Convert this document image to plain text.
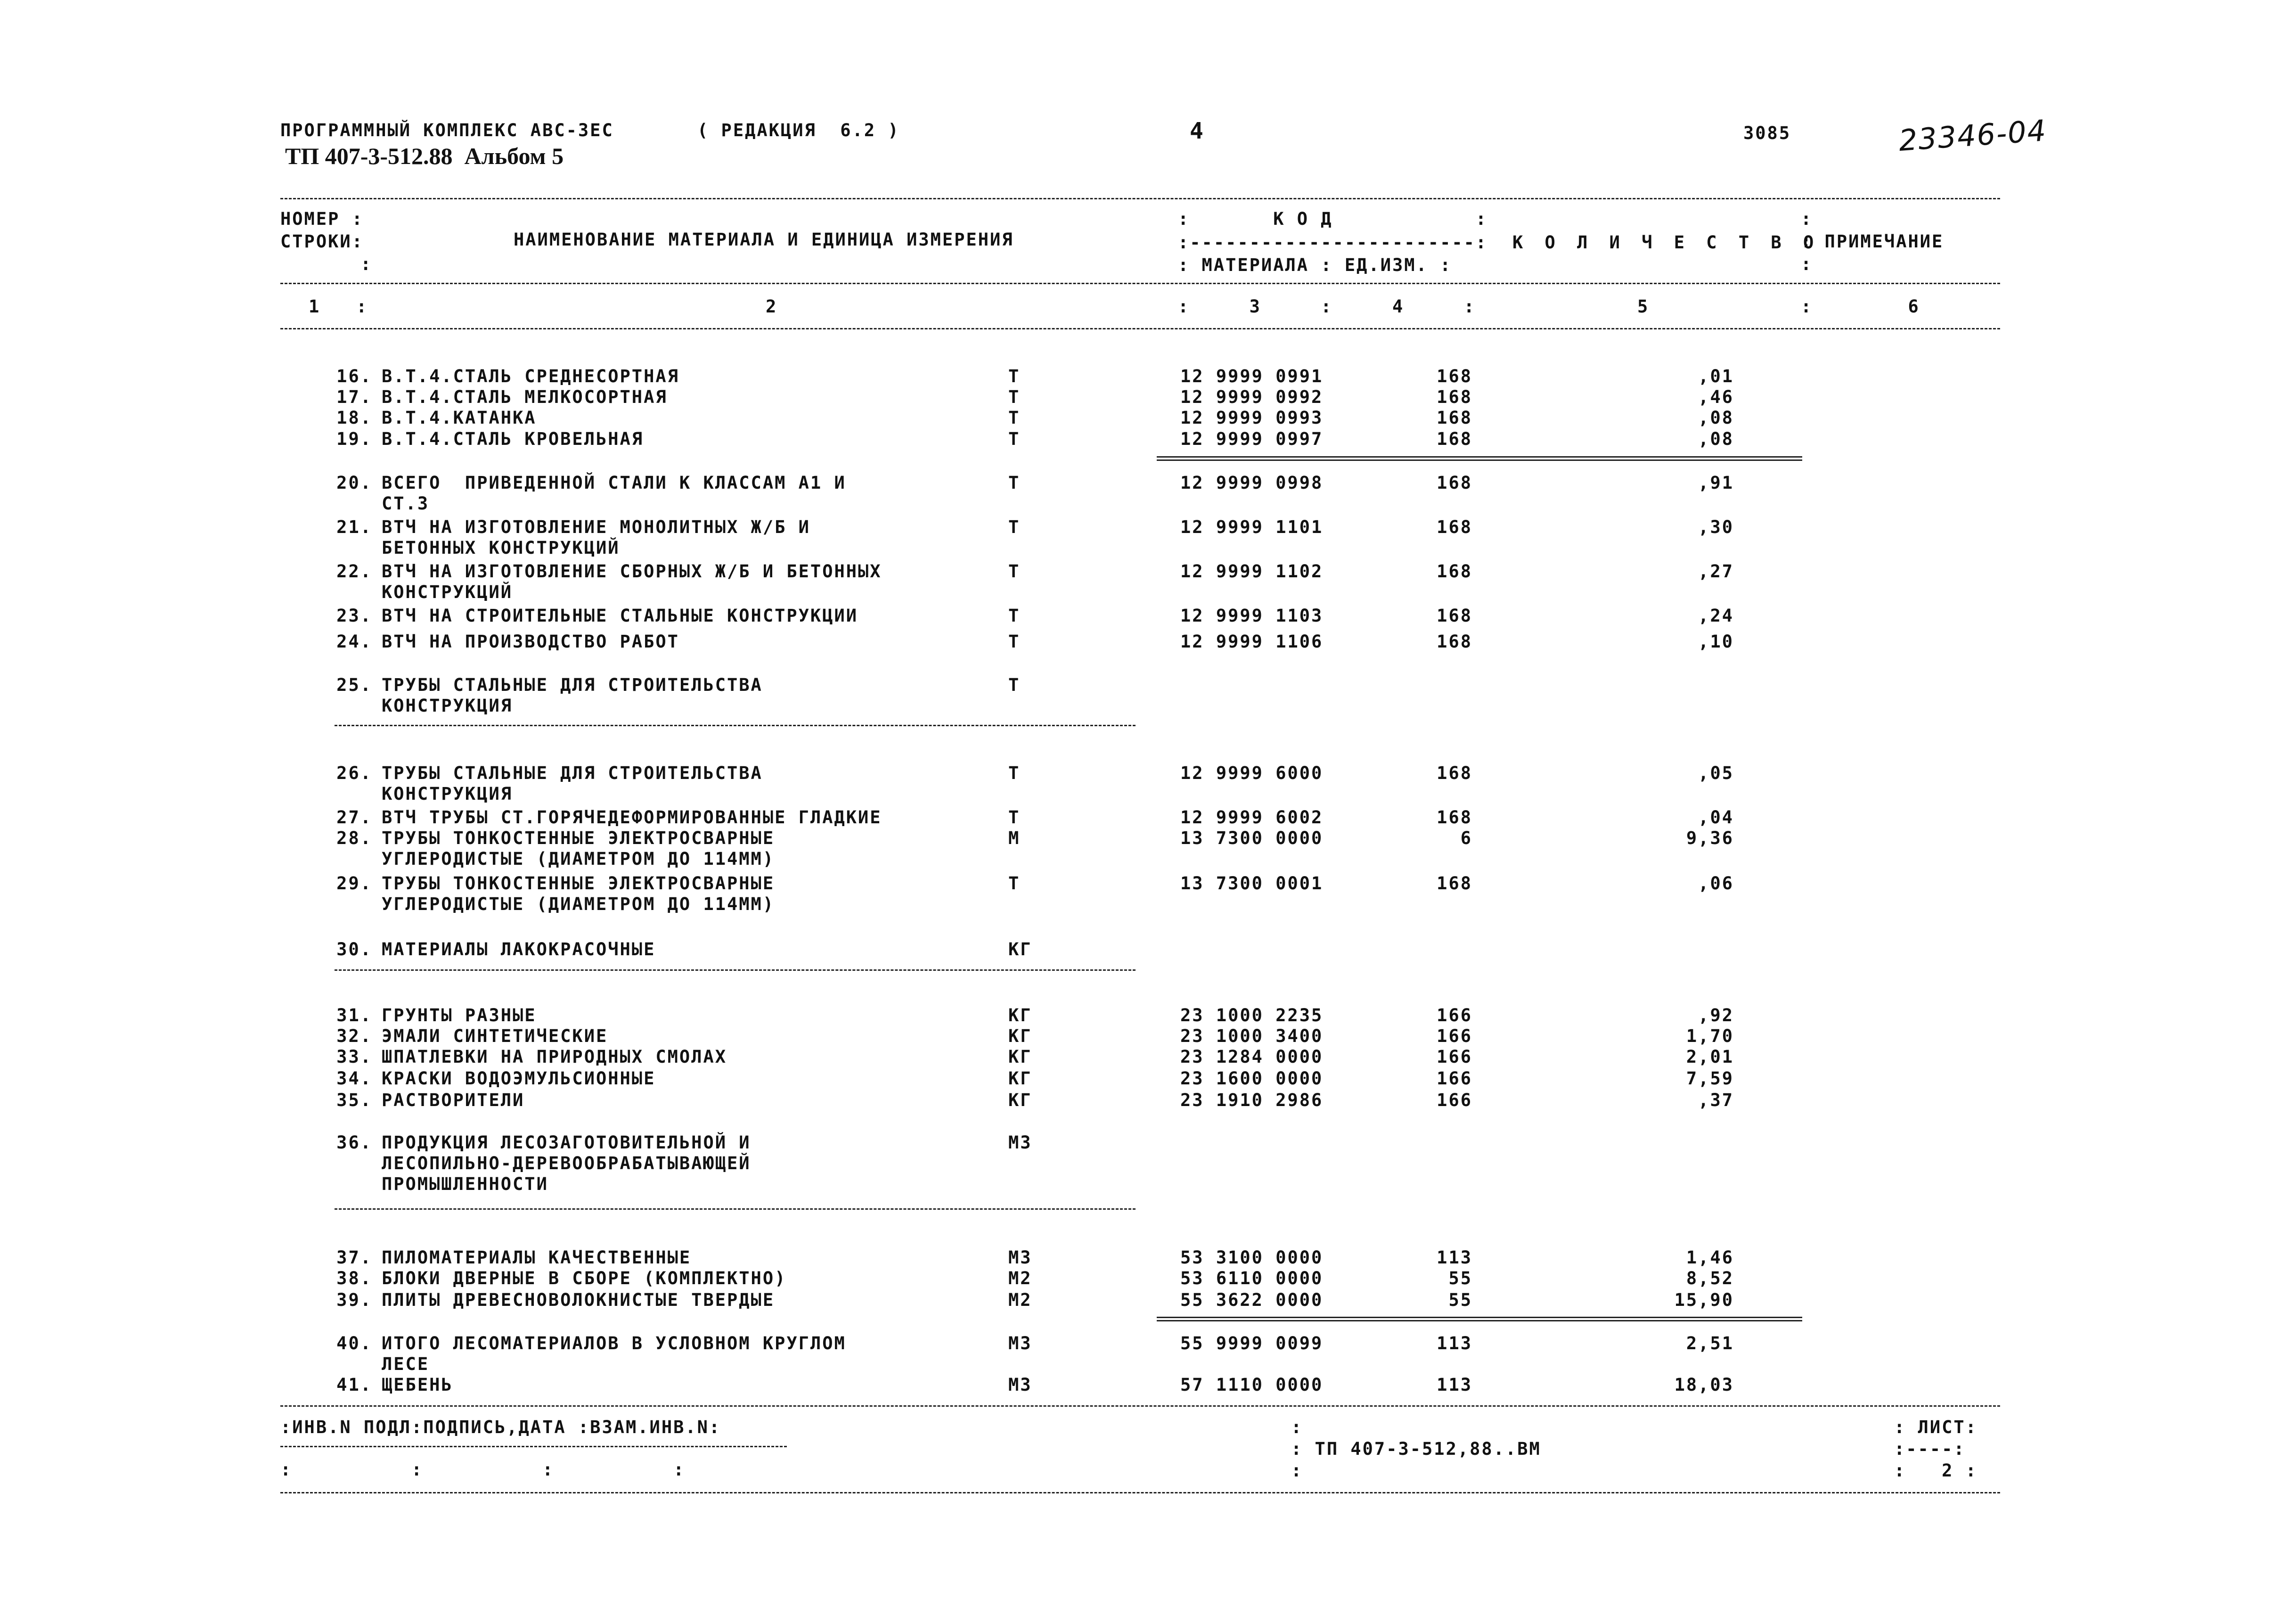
ПРОГРАММНЫЙ КОМПЛЕКС АВС-ЗЕС	( РЕДАКЦИЯ  6.2 )
ТП 407-3-512.88  Альбом 5
4	3085	23346-04
НОМЕР :
СТРОКИ:
:
НАИМЕНОВАНИЕ МАТЕРИАЛА И ЕДИНИЦА ИЗМЕРЕНИЯ
:       К О Д            :
:------------------------:
: МАТЕРИАЛА : ЕД.ИЗМ. :
К О Л И Ч Е С Т В О
:
: ПРИМЕЧАНИЕ
:
1   :	2	:     3     :     4     :	5	:        6
16. В.Т.4.СТАЛЬ СРЕДНЕСОРТНАЯ	Т	12 9999 0991	168	,01
17. В.Т.4.СТАЛЬ МЕЛКОСОРТНАЯ	Т	12 9999 0992	168	,46
18. В.Т.4.КАТАНКА	Т	12 9999 0993	168	,08
19. В.Т.4.СТАЛЬ КРОВЕЛЬНАЯ	Т	12 9999 0997	168	,08
20. ВСЕГО  ПРИВЕДЕННОЙ СТАЛИ К КЛАССАМ А1 И
СТ.3
Т	12 9999 0998	168	,91
21. ВТЧ НА ИЗГОТОВЛЕНИЕ МОНОЛИТНЫХ Ж/Б И
БЕТОННЫХ КОНСТРУКЦИЙ
Т	12 9999 1101	168	,30
22. ВТЧ НА ИЗГОТОВЛЕНИЕ СБОРНЫХ Ж/Б И БЕТОННЫХ
КОНСТРУКЦИЙ
Т	12 9999 1102	168	,27
23. ВТЧ НА СТРОИТЕЛЬНЫЕ СТАЛЬНЫЕ КОНСТРУКЦИИ	Т	12 9999 1103	168	,24
24. ВТЧ НА ПРОИЗВОДСТВО РАБОТ	Т	12 9999 1106	168	,10
25. ТРУБЫ СТАЛЬНЫЕ ДЛЯ СТРОИТЕЛЬСТВА
КОНСТРУКЦИЯ
Т
26. ТРУБЫ СТАЛЬНЫЕ ДЛЯ СТРОИТЕЛЬСТВА
КОНСТРУКЦИЯ
Т	12 9999 6000	168	,05
27. ВТЧ ТРУБЫ СТ.ГОРЯЧЕДЕФОРМИРОВАННЫЕ ГЛАДКИЕ	Т	12 9999 6002	168	,04
28. ТРУБЫ ТОНКОСТЕННЫЕ ЭЛЕКТРОСВАРНЫЕ
УГЛЕРОДИСТЫЕ (ДИАМЕТРОМ ДО 114ММ)
М	13 7300 0000	6	9,36
29. ТРУБЫ ТОНКОСТЕННЫЕ ЭЛЕКТРОСВАРНЫЕ
УГЛЕРОДИСТЫЕ (ДИАМЕТРОМ ДО 114ММ)
Т	13 7300 0001	168	,06
30. МАТЕРИАЛЫ ЛАКОКРАСОЧНЫЕ	КГ
31. ГРУНТЫ РАЗНЫЕ	КГ	23 1000 2235	166	,92
32. ЭМАЛИ СИНТЕТИЧЕСКИЕ	КГ	23 1000 3400	166	1,70
33. ШПАТЛЕВКИ НА ПРИРОДНЫХ СМОЛАХ	КГ	23 1284 0000	166	2,01
34. КРАСКИ ВОДОЭМУЛЬСИОННЫЕ	КГ	23 1600 0000	166	7,59
35. РАСТВОРИТЕЛИ	КГ	23 1910 2986	166	,37
36. ПРОДУКЦИЯ ЛЕСОЗАГОТОВИТЕЛЬНОЙ И
ЛЕСОПИЛЬНО-ДЕРЕВООБРАБАТЫВАЮЩЕЙ
ПРОМЫШЛЕННОСТИ
М3
37. ПИЛОМАТЕРИАЛЫ КАЧЕСТВЕННЫЕ	М3	53 3100 0000	113	1,46
38. БЛОКИ ДВЕРНЫЕ В СБОРЕ (КОМПЛЕКТНО)	М2	53 6110 0000	55	8,52
39. ПЛИТЫ ДРЕВЕСНОВОЛОКНИСТЫЕ ТВЕРДЫЕ	М2	55 3622 0000	55	15,90
40. ИТОГО ЛЕСОМАТЕРИАЛОВ В УСЛОВНОМ КРУГЛОМ
ЛЕСЕ
М3	55 9999 0099	113	2,51
41. ЩЕБЕНЬ	М3	57 1110 0000	113	18,03
:ИНВ.N ПОДЛ:ПОДПИСЬ,ДАТА :ВЗАМ.ИНВ.N:
:          :          :          :
:
: ТП 407-3-512,88..ВМ
:
: ЛИСТ:
:----:
:   2 :
